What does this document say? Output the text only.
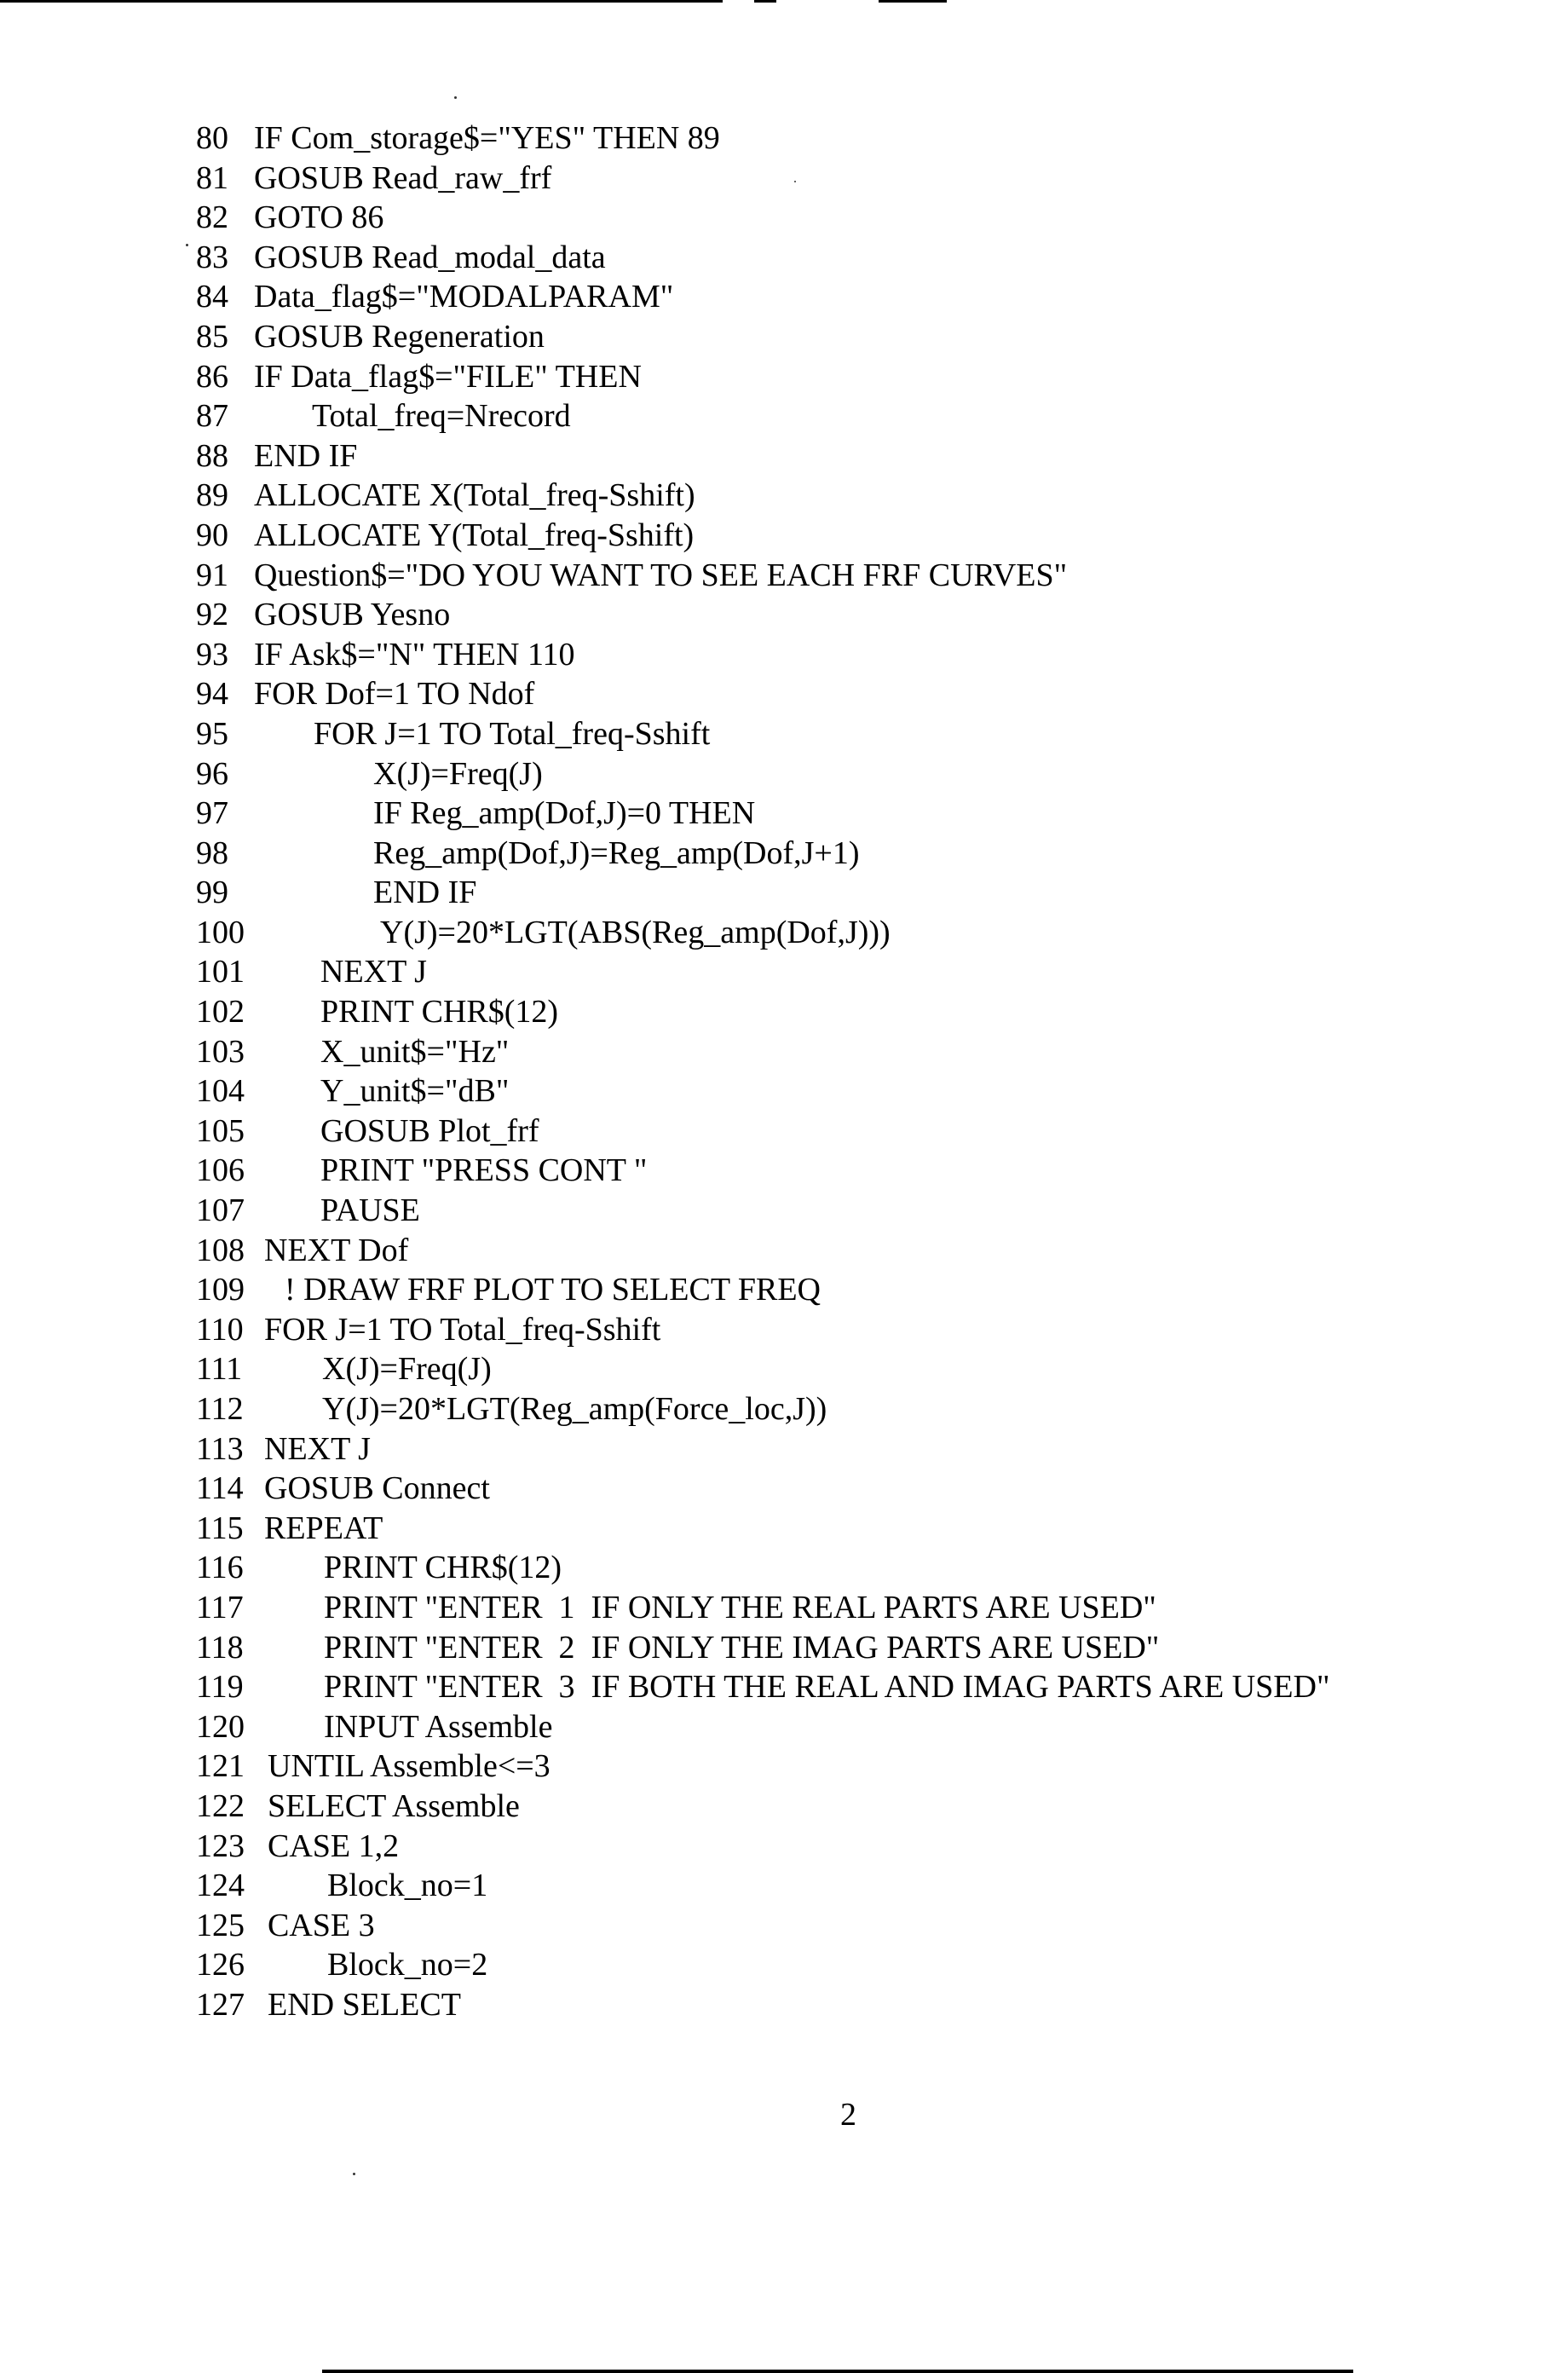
80 IF Com_storage$="YES" THEN 89
81 GOSUB Read_raw_frf
82 GOTO 86
83 GOSUB Read_modal_data
84 Data_flag$="MODALPARAM"
85 GOSUB Regeneration
86 IF Data_flag$="FILE" THEN
87	Total_freq=Nrecord
88 END IF
89 ALLOCATE X(Total_freq-Sshift)
90 ALLOCATE Y(Total_freq-Sshift)
91 Question$="DO YOU WANT TO SEE EACH FRF CURVES"
92 GOSUB Yesno
93 IF Ask$="N" THEN 110
94 FOR Dof=1 TO Ndof
95	FOR J=1 TO Total_freq-Sshift
96	X(J)=Freq(J)
97	IF Reg_amp(Dof,J)=0 THEN
98	Reg_amp(Dof,J)=Reg_amp(Dof,J+1)
99	END IF
100	Y(J)=20*LGT(ABS(Reg_amp(Dof,J)))
101 NEXT J
102 PRINT CHR$(12)
103 X_unit$="Hz"
104 Y_unit$="dB"
105 GOSUB Plot_frf
106 PRINT "PRESS CONT "
107 PAUSE
108 NEXT Dof
109 ! DRAW FRF PLOT TO SELECT FREQ
110 FOR J=1 TO Total_freq-Sshift
111 X(J)=Freq(J)
112 Y(J)=20*LGT(Reg_amp(Force_loc,J))
113 NEXT J
114 GOSUB Connect
115 REPEAT
116 PRINT CHR$(12)
117 PRINT "ENTER  1  IF ONLY THE REAL PARTS ARE USED"
118 PRINT "ENTER  2  IF ONLY THE IMAG PARTS ARE USED"
119 PRINT "ENTER  3  IF BOTH THE REAL AND IMAG PARTS ARE USED"
120 INPUT Assemble
121 UNTIL Assemble<=3
122 SELECT Assemble
123 CASE 1,2
124	Block_no=1
125 CASE 3
126	Block_no=2
127 END SELECT
2
